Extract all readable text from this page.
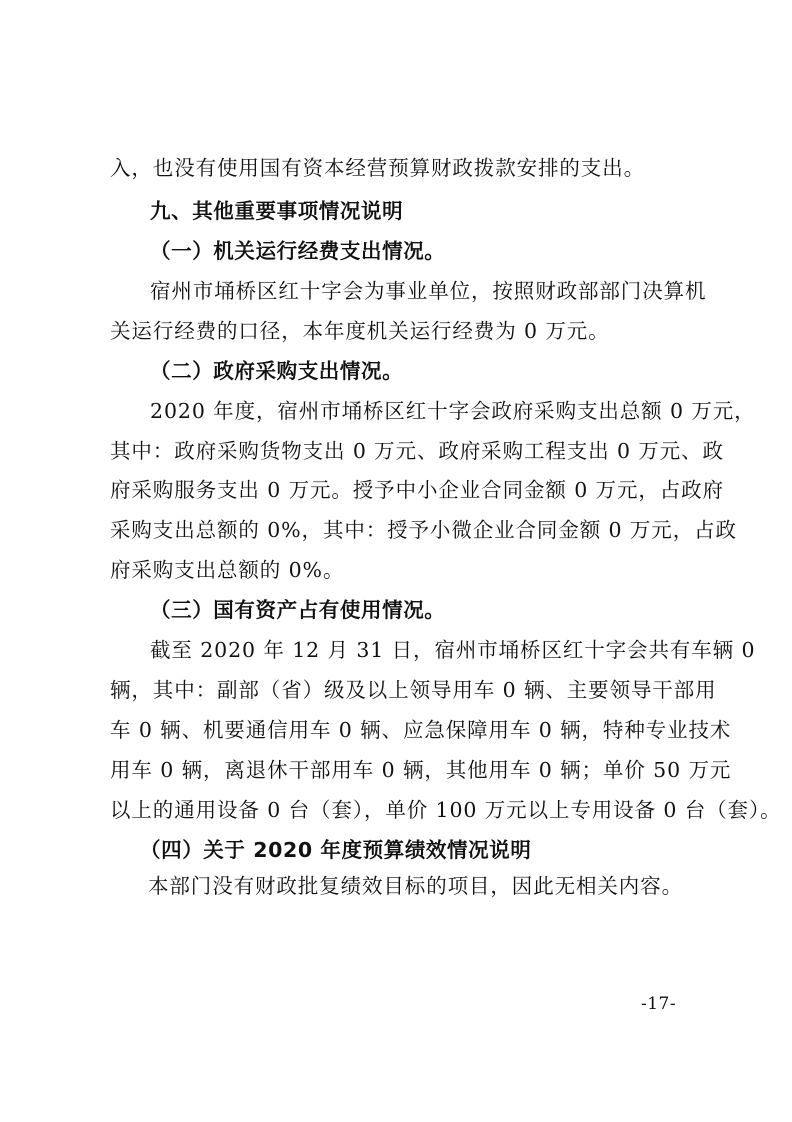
入，也没有使用国有资本经营预算财政拨款安排的支出。
九、其他重要事项情况说明
（一）机关运行经费支出情况。
宿州市埇桥区红十字会为事业单位，按照财政部部门决算机
关运行经费的口径，本年度机关运行经费为 0 万元。
（二）政府采购支出情况。
2020 年度，宿州市埇桥区红十字会政府采购支出总额 0 万元，
其中：政府采购货物支出 0 万元、政府采购工程支出 0 万元、政
府采购服务支出 0 万元。授予中小企业合同金额 0 万元，占政府
采购支出总额的 0%，其中：授予小微企业合同金额 0 万元，占政
府采购支出总额的 0%。
（三）国有资产占有使用情况。
截至 2020 年 12 月 31 日，宿州市埇桥区红十字会共有车辆 0
辆，其中：副部（省）级及以上领导用车 0 辆、主要领导干部用
车 0 辆、机要通信用车 0 辆、应急保障用车 0 辆，特种专业技术
用车 0 辆，离退休干部用车 0 辆，其他用车 0 辆；单价 50 万元
以上的通用设备 0 台（套），单价 100 万元以上专用设备 0 台（套）。
（四）关于 2020 年度预算绩效情况说明
本部门没有财政批复绩效目标的项目，因此无相关内容。
-17-
